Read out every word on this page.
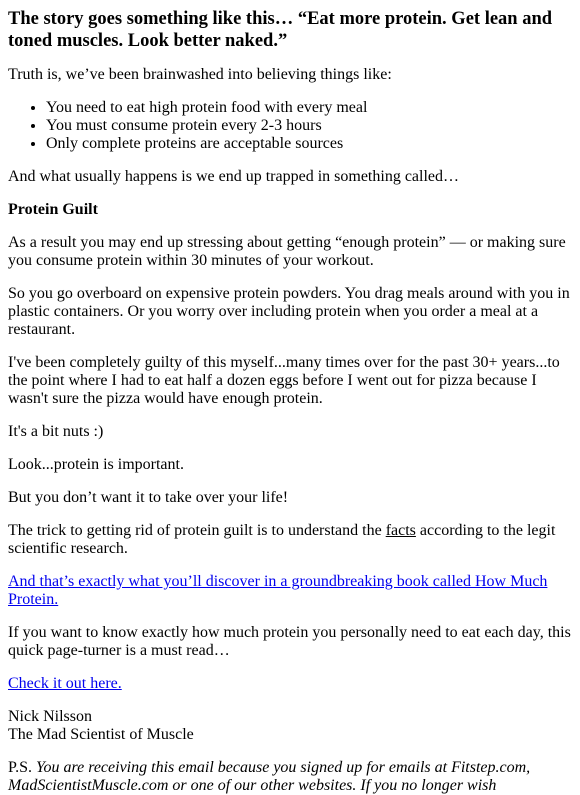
The story goes something like this… “Eat more protein. Get lean and toned muscles. Look better naked.”

Truth is, we’ve been brainwashed into believing things like:

• You need to eat high protein food with every meal
• You must consume protein every 2-3 hours
• Only complete proteins are acceptable sources

And what usually happens is we end up trapped in something called…

Protein Guilt

As a result you may end up stressing about getting “enough protein” — or making sure you consume protein within 30 minutes of your workout.

So you go overboard on expensive protein powders. You drag meals around with you in plastic containers. Or you worry over including protein when you order a meal at a restaurant.

I've been completely guilty of this myself...many times over for the past 30+ years...to the point where I had to eat half a dozen eggs before I went out for pizza because I wasn't sure the pizza would have enough protein.

It's a bit nuts :)

Look...protein is important.

But you don’t want it to take over your life!

The trick to getting rid of protein guilt is to understand the facts according to the legit scientific research.

And that’s exactly what you’ll discover in a groundbreaking book called How Much Protein.

If you want to know exactly how much protein you personally need to eat each day, this quick page-turner is a must read…

Check it out here.

Nick Nilsson
The Mad Scientist of Muscle

P.S. You are receiving this email because you signed up for emails at Fitstep.com, MadScientistMuscle.com or one of our other websites. If you no longer wish
